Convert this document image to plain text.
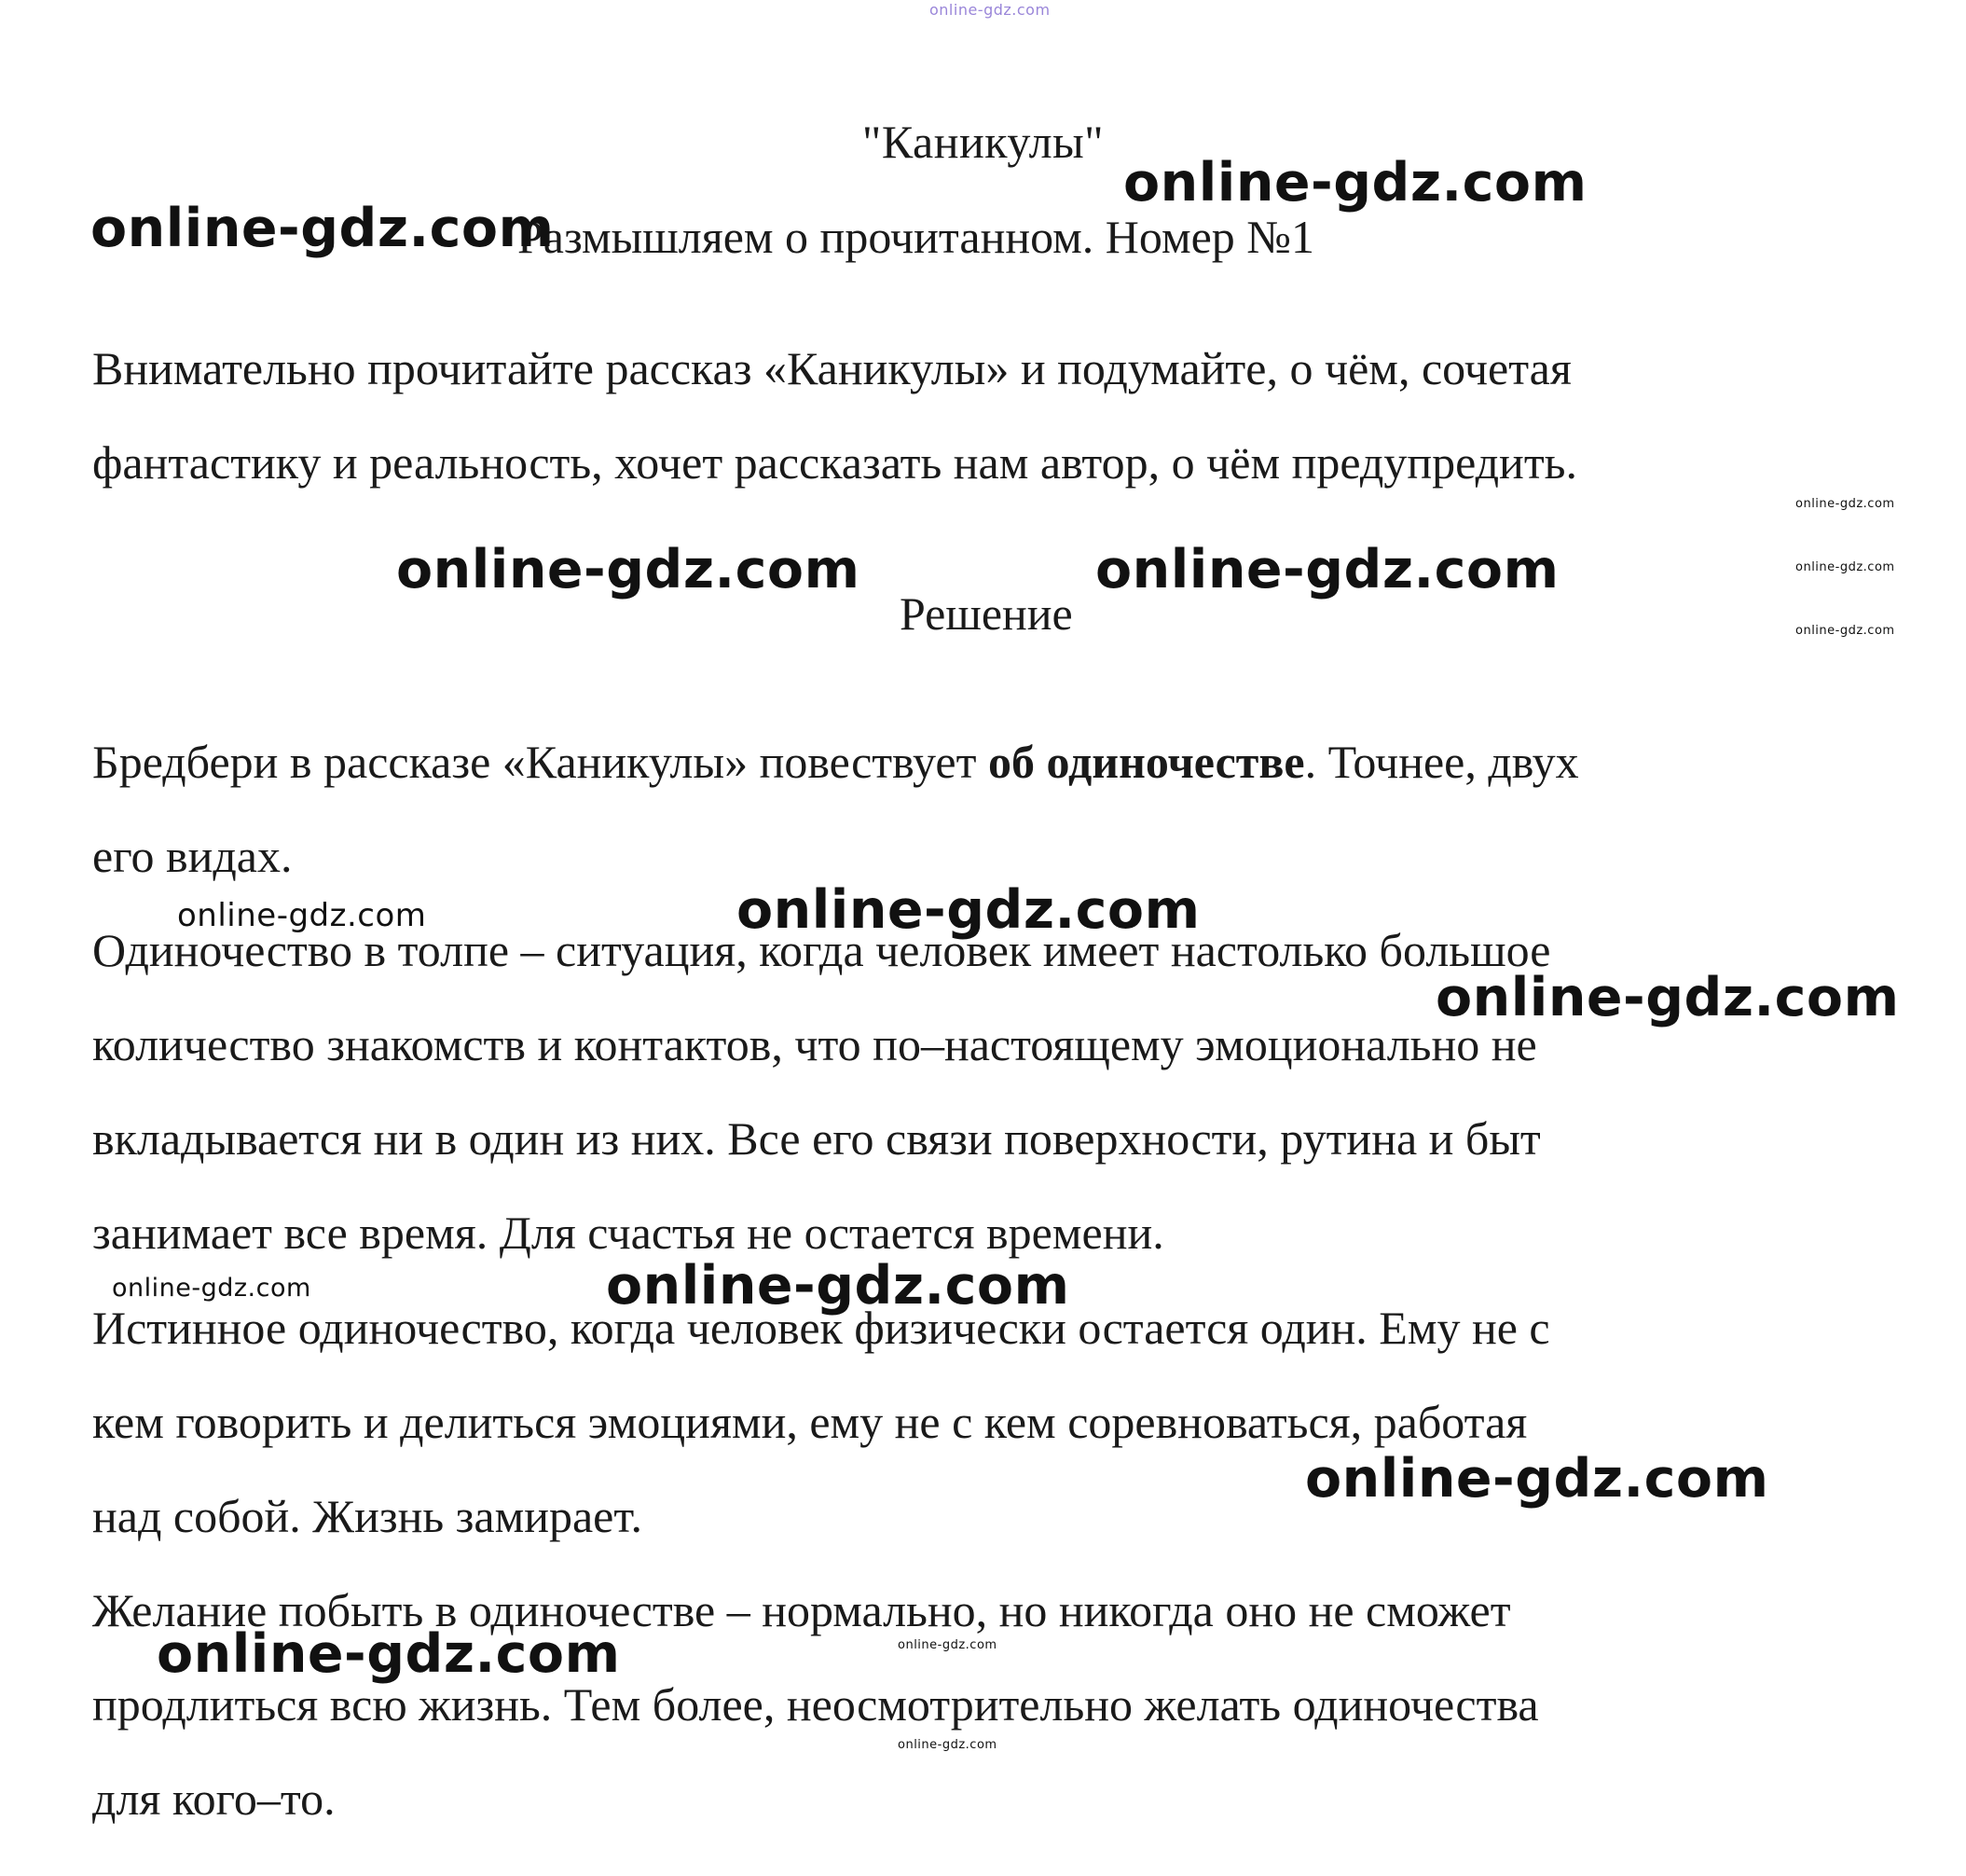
"Каникулы"
Размышляем о прочитанном. Номер №1
Внимательно прочитайте рассказ «Каникулы» и подумайте, о чём, сочетая
фантастику и реальность, хочет рассказать нам автор, о чём предупредить.
Решение
Бредбери в рассказе «Каникулы» повествует об одиночестве. Точнее, двух
его видах.
Одиночество в толпе – ситуация, когда человек имеет настолько большое
количество знакомств и контактов, что по–настоящему эмоционально не
вкладывается ни в один из них. Все его связи поверхности, рутина и быт
занимает все время. Для счастья не остается времени.
Истинное одиночество, когда человек физически остается один. Ему не с
кем говорить и делиться эмоциями, ему не с кем соревноваться, работая
над собой. Жизнь замирает.
Желание побыть в одиночестве – нормально, но никогда оно не сможет
продлиться всю жизнь. Тем более, неосмотрительно желать одиночества
для кого–то.
online-gdz.com
online-gdz.com
online-gdz.com
online-gdz.com
online-gdz.com
online-gdz.com
online-gdz.com	online-gdz.com
online-gdz.com	online-gdz.com
online-gdz.com
online-gdz.com	online-gdz.com
online-gdz.com
online-gdz.com	online-gdz.com
online-gdz.com
